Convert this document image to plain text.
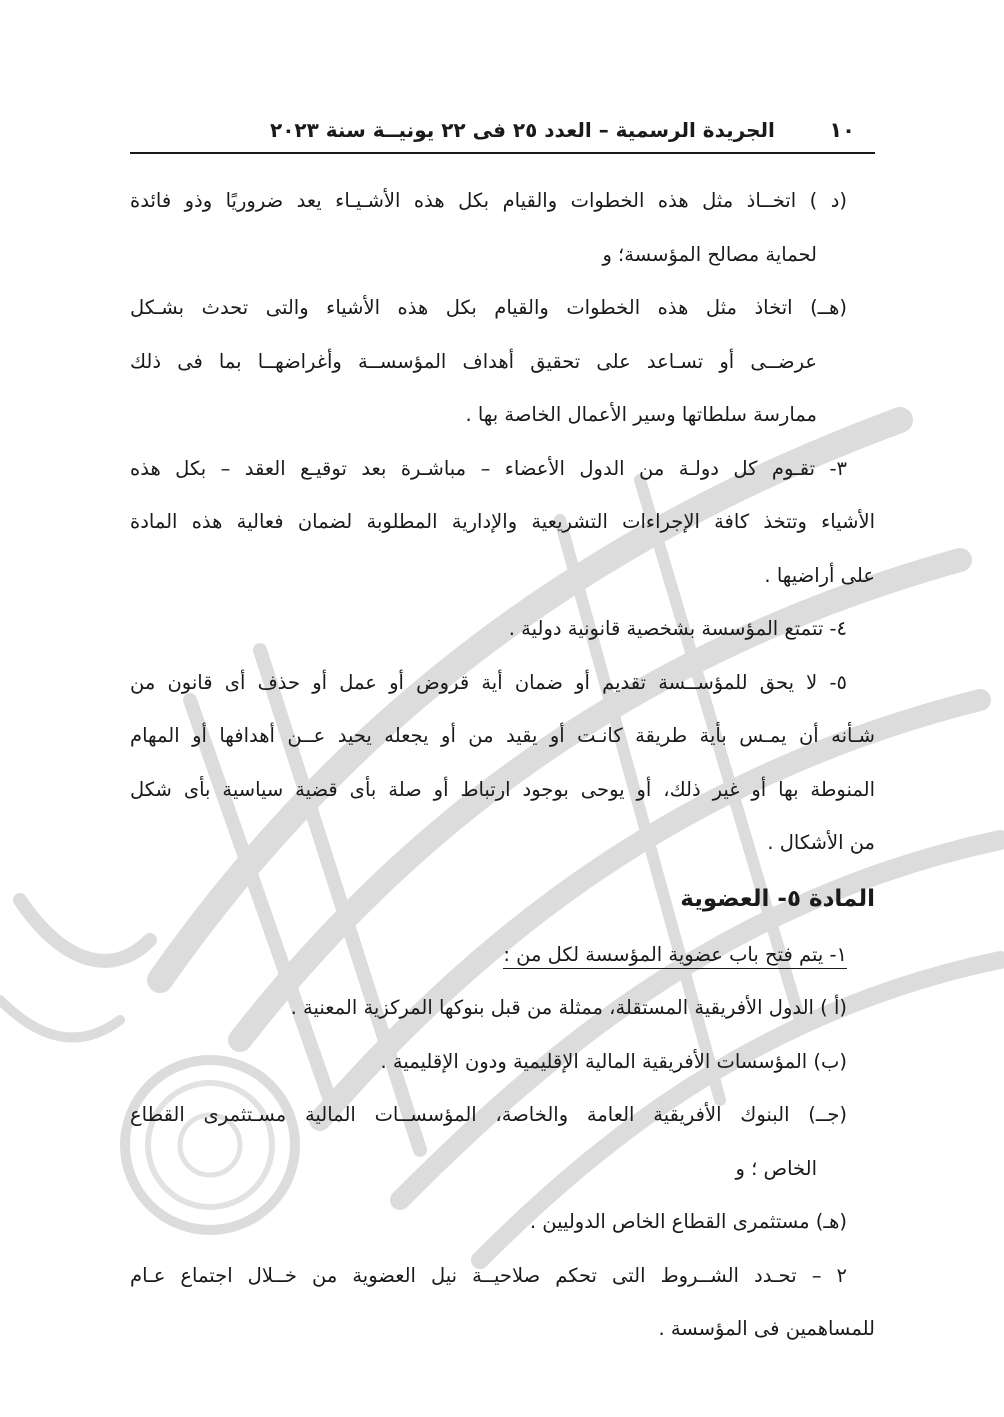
١٠
الجريدة الرسمية – العدد ٢٥ فى ٢٢ يونيــة سنة ٢٠٢٣
(د ) اتخــاذ مثل هذه الخطوات والقيام بكل هذه الأشـيـاء يعد ضروريًا وذو فائدة
لحماية مصالح المؤسسة؛ و
(هــ) اتخاذ مثل هذه الخطوات والقيام بكل هذه الأشياء والتى تحدث بشـكل
عرضــى أو تسـاعد على تحقيق أهداف المؤسســة وأغراضهــا بما فى ذلك
ممارسة سلطاتها وسير الأعمال الخاصة بها .
٣- تقـوم كل دولـة من الدول الأعضاء – مباشـرة بعد توقيـع العقد – بكل هذه
الأشياء وتتخذ كافة الإجراءات التشريعية والإدارية المطلوبة لضمان فعالية هذه المادة
على أراضيها .
٤- تتمتع المؤسسة بشخصية قانونية دولية .
٥- لا يحق للمؤســسة تقديم أو ضمان أية قروض أو عمل أو حذف أى قانون من
شـأنه أن يمـس بأية طريقة كانـت أو يقيد من أو يجعله يحيد عــن أهدافها أو المهام
المنوطة بها أو غير ذلك، أو يوحى بوجود ارتباط أو صلة بأى قضية سياسية بأى شكل
من الأشكال .
المادة ٥- العضوية
١- يتم فتح باب عضوية المؤسسة لكل من :
(أ ) الدول الأفريقية المستقلة، ممثلة من قبل بنوكها المركزية المعنية .
(ب) المؤسسات الأفريقية المالية الإقليمية ودون الإقليمية .
(جــ) البنوك الأفريقية العامة والخاصة، المؤسســات المالية مسـتثمرى القطاع
الخاص ؛ و
(هـ) مستثمرى القطاع الخاص الدوليين .
٢ – تحـدد الشــروط التى تحكم صلاحيــة نيل العضوية من خــلال اجتماع عـام
للمساهمين فى المؤسسة .
